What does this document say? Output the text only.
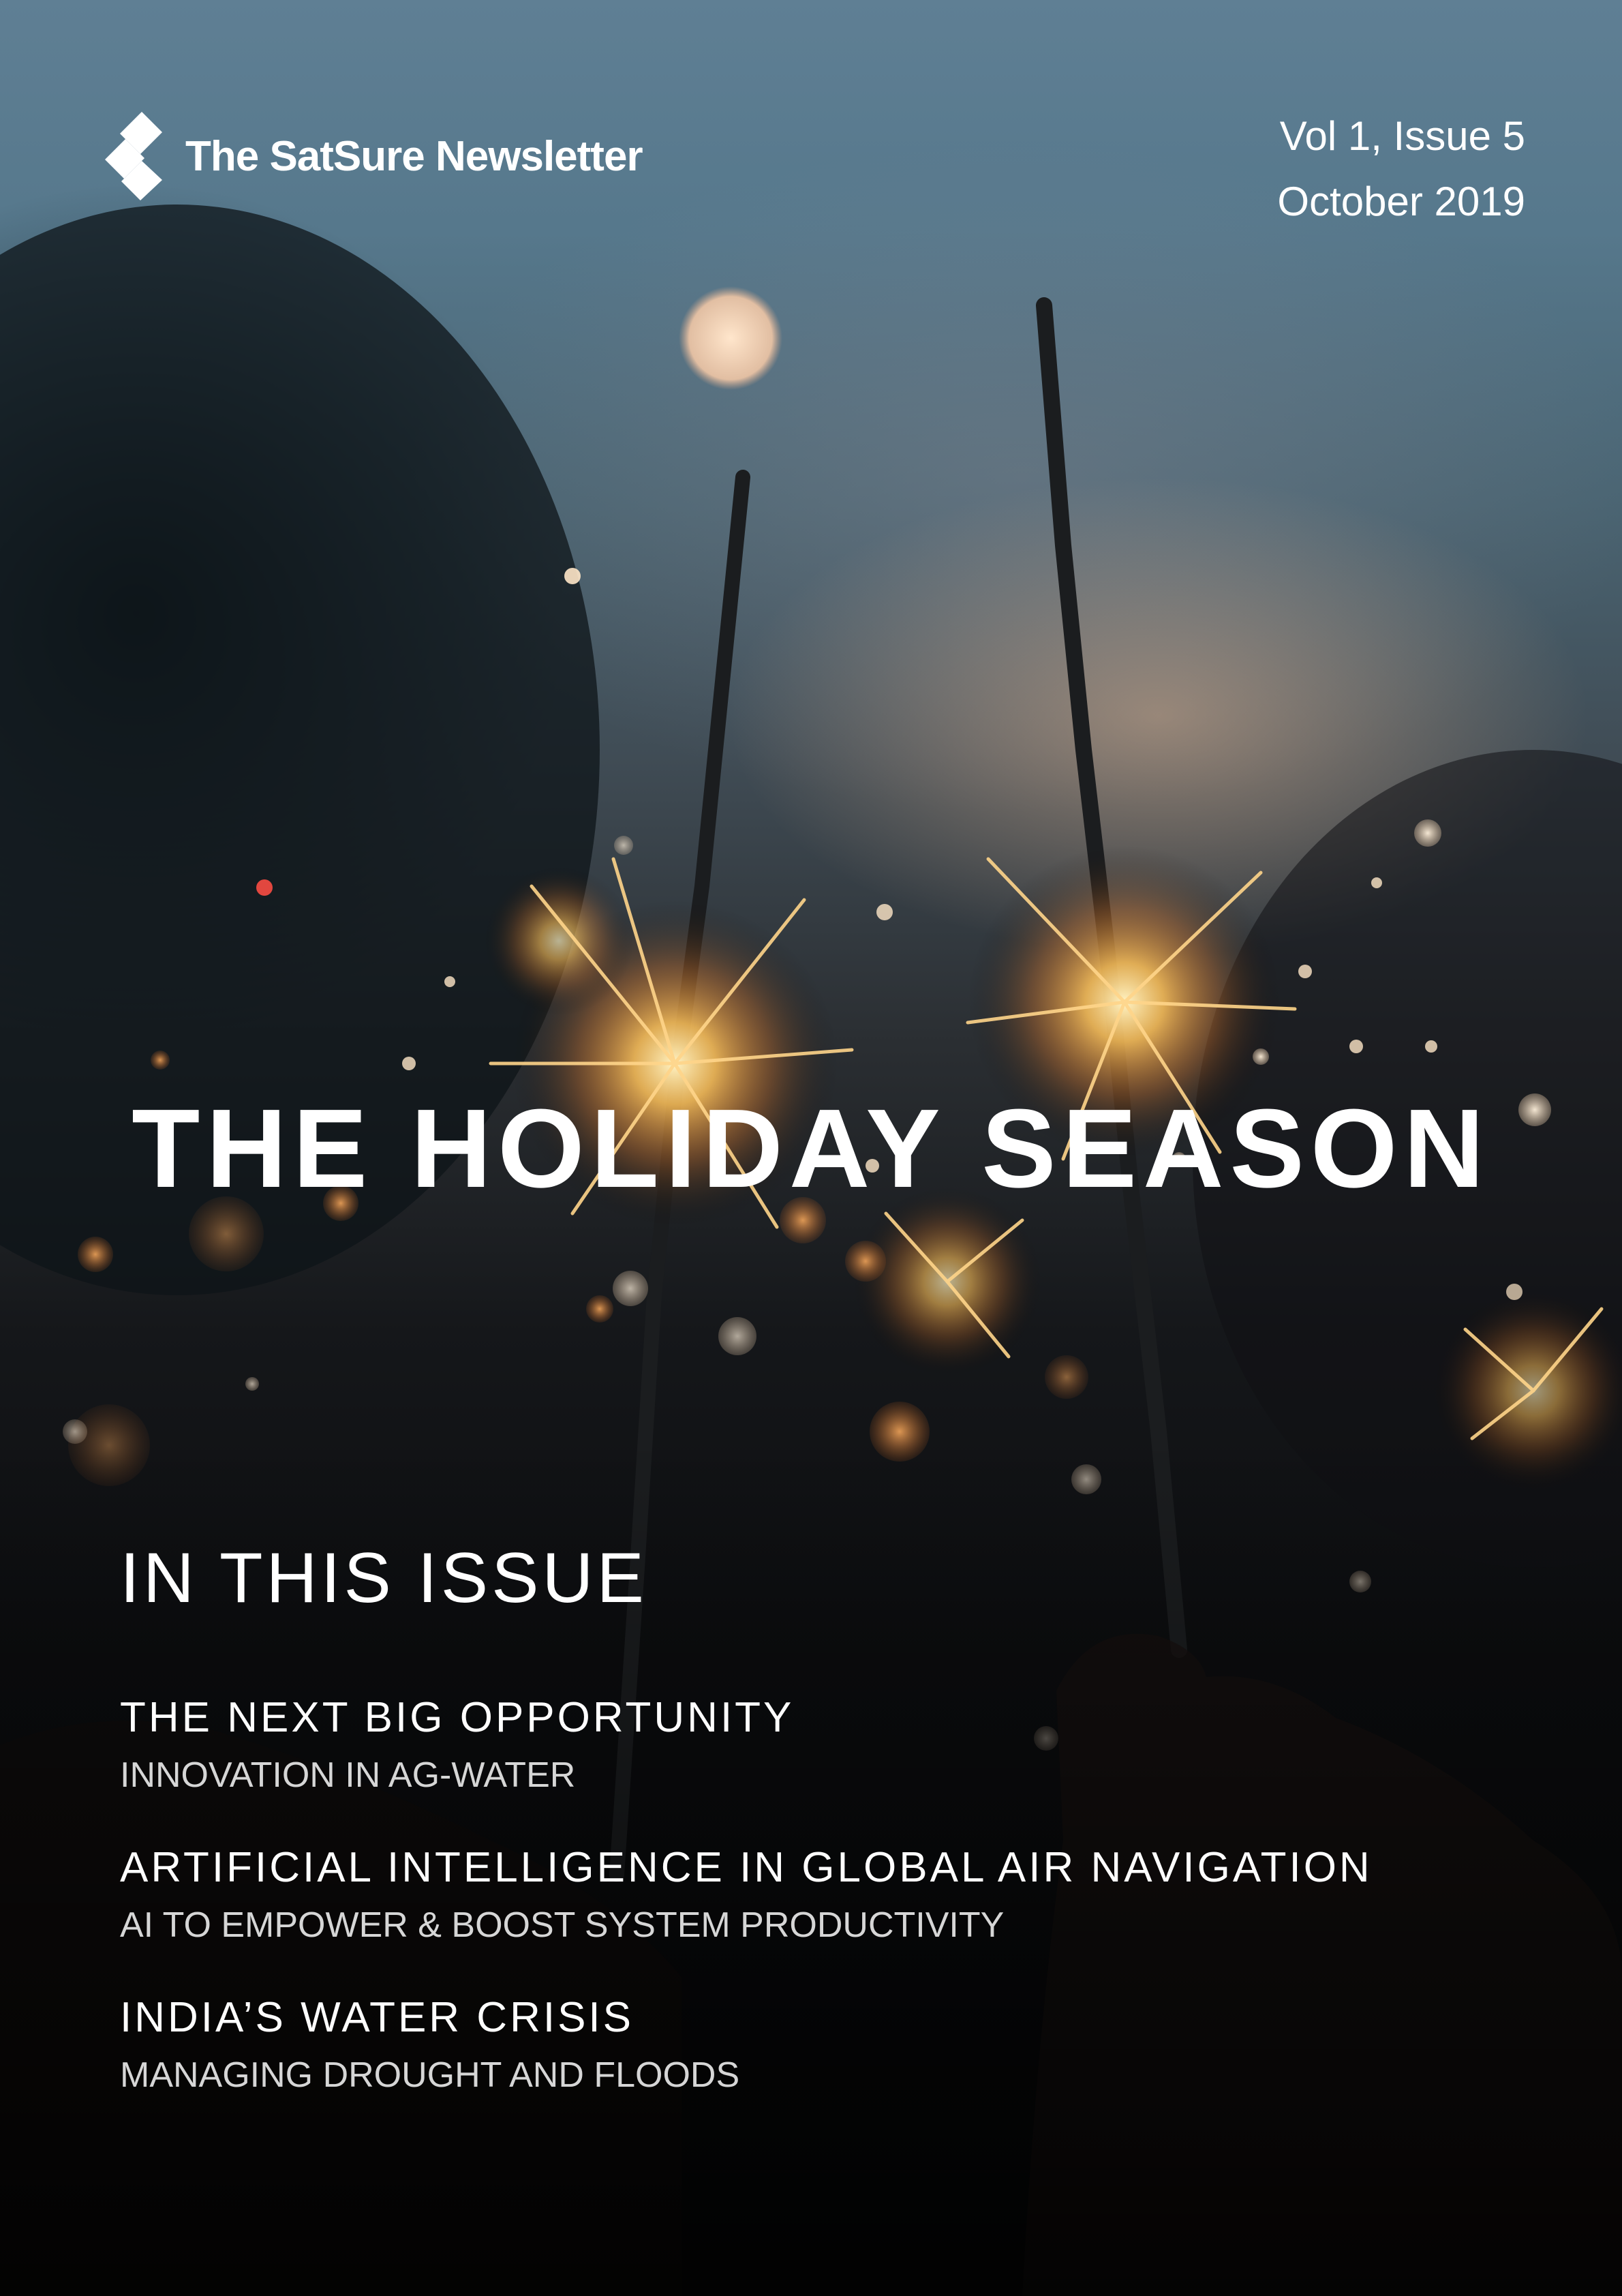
The SatSure Newsletter	Vol 1, Issue 5
October 2019
THE HOLIDAY SEASON
IN THIS ISSUE
THE NEXT BIG OPPORTUNITY
INNOVATION IN AG-WATER
ARTIFICIAL INTELLIGENCE IN GLOBAL AIR NAVIGATION
AI TO EMPOWER & BOOST SYSTEM PRODUCTIVITY
INDIA’S WATER CRISIS
MANAGING DROUGHT AND FLOODS
